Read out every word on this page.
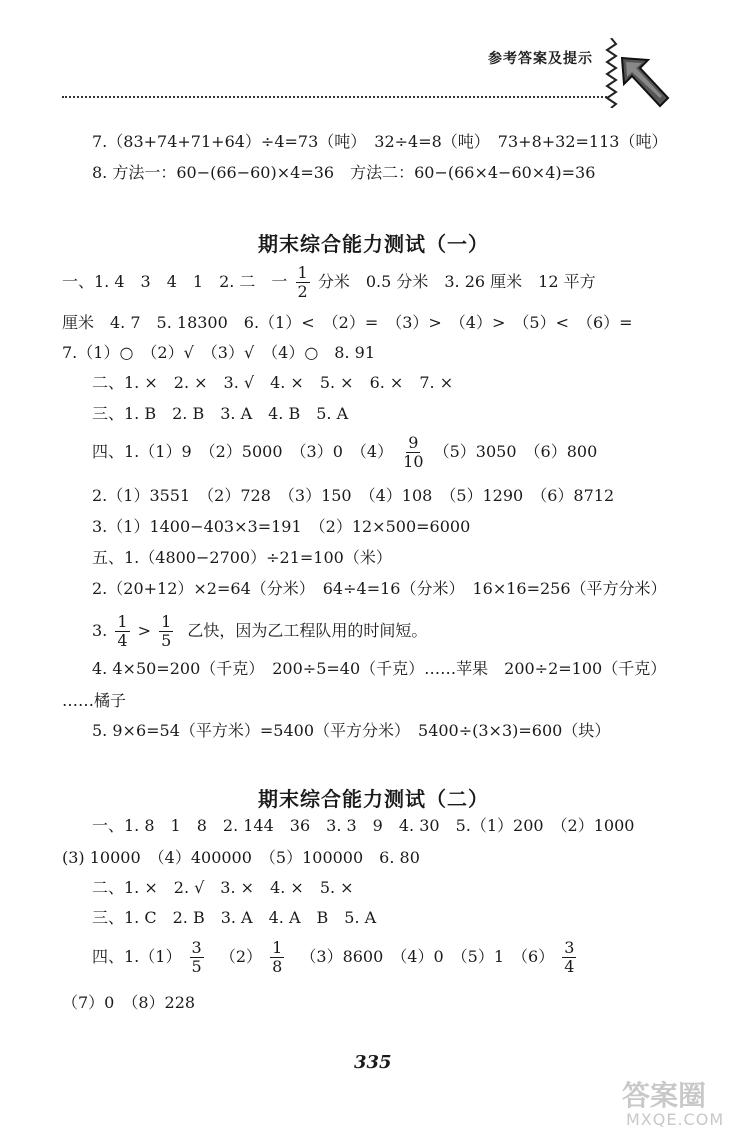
参考答案及提示
7.（83+74+71+64）÷4=73（吨）　32÷4=8（吨）　73+8+32=113（吨）
8. 方法一：60−(66−60)×4=36　方法二：60−(66×4−60×4)=36
期末综合能力测试（一）
一、1. 4　3　4　1　2. 二　一 $\frac{1}{2}$ 分米　0.5 分米　3. 26 厘米　12 平方
厘米　4. 7　5. 18300　6.（1）<　（2）=　（3）>　（4）>　（5）<　（6）=
7.（1）○　（2）√　（3）√　（4）○　8. 91
二、1. ×　2. ×　3. √　4. ×　5. ×　6. ×　7. ×
三、1. B　2. B　3. A　4. B　5. A
四、1.（1）9　（2）5000　（3）0　$(4) \frac{9}{10} (5)3050$　（6）800
2.（1）3551　（2）728　（3）150　（4）108　（5）1290　（6）8712
3.（1）1400−403×3=191　（2）12×500=6000
五、1.（4800−2700）÷21=100（米）
2.（20+12）×2=64（分米）　64÷4=16（分米）　16×16=256（平方分米）
3. $\frac{1}{4} > \frac{1}{5}$ 乙快，因为乙工程队用的时间短。
4. 4×50=200（千克）　200÷5=40（千克）……苹果　200÷2=100（千克）
……橘子
5. 9×6=54（平方米）=5400（平方分米）　5400÷(3×3)=600（块）
期末综合能力测试（二）
一、1. 8　1　8　2. 144　36　3. 3　9　4. 30　5.（1）200　（2）1000
(3) 10000　（4）400000　（5）100000　6. 80
二、1. ×　2. √　3. ×　4. ×　5. ×
三、1. C　2. B　3. A　4. A　B　5. A
四、$1.(1) \frac{3}{5} (2) \frac{1}{8} (3)8600$　（4）0　（5）1　$(6) \frac{3}{4}$
（7）0　（8）228
335
答案圈
MXQE.COM
